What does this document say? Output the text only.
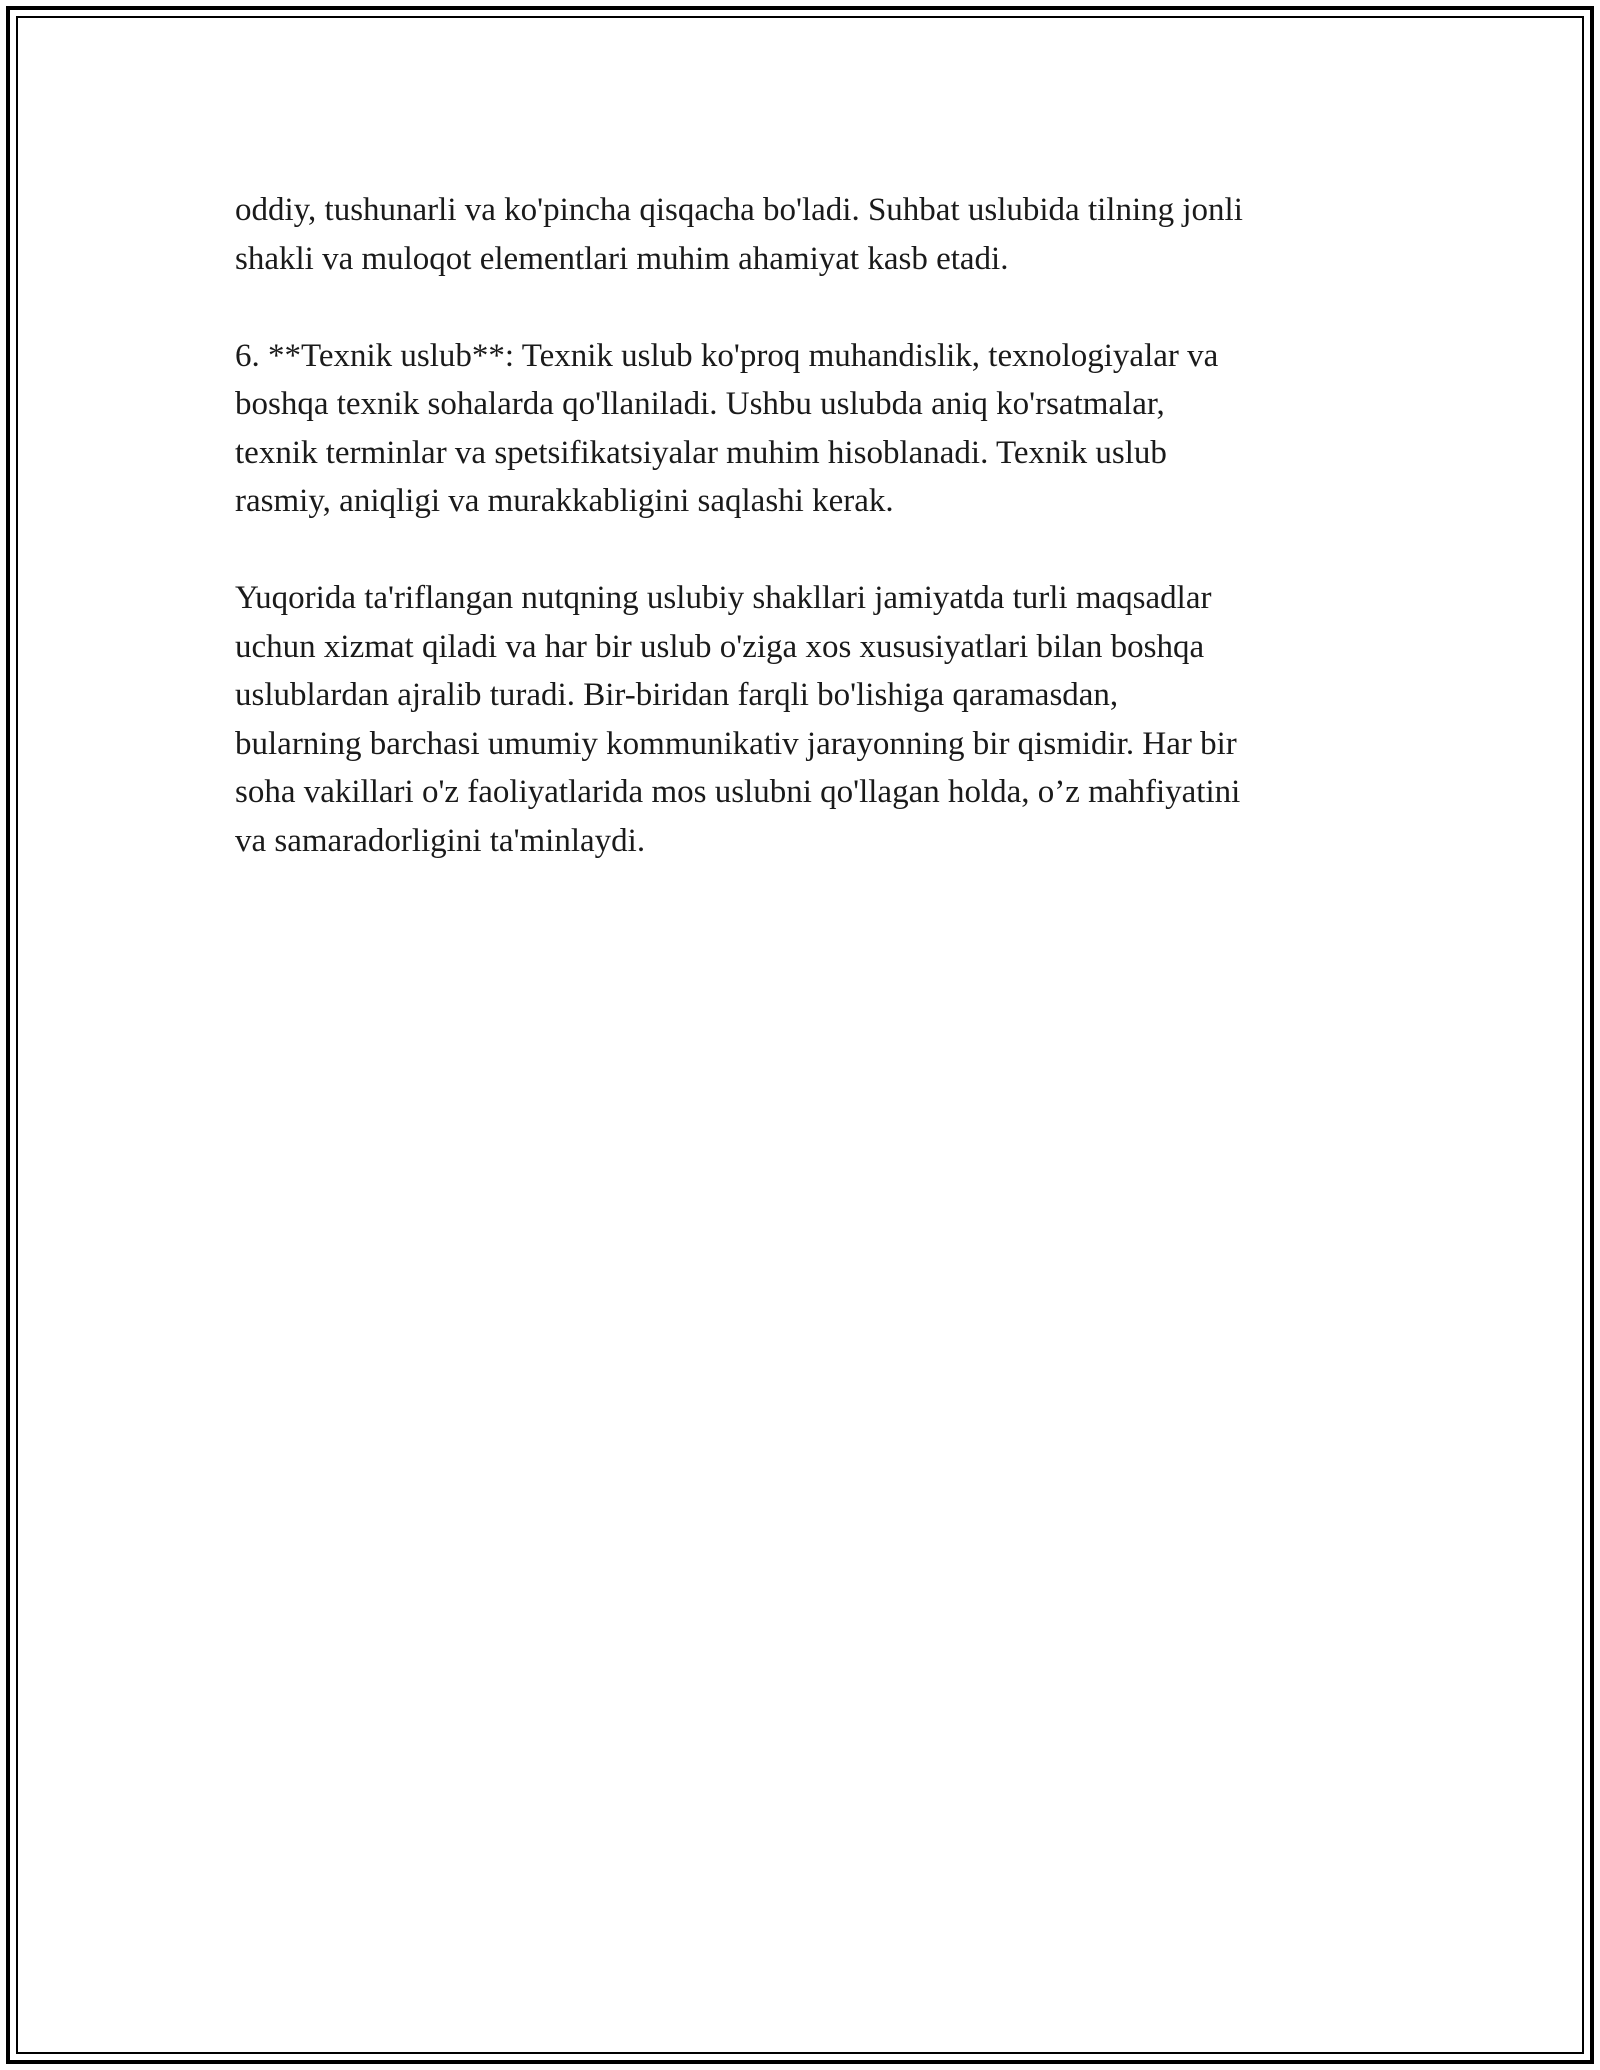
oddiy, tushunarli va ko'pincha qisqacha bo'ladi. Suhbat uslubida tilning jonli
shakli va muloqot elementlari muhim ahamiyat kasb etadi.

6. **Texnik uslub**: Texnik uslub ko'proq muhandislik, texnologiyalar va
boshqa texnik sohalarda qo'llaniladi. Ushbu uslubda aniq ko'rsatmalar,
texnik terminlar va spetsifikatsiyalar muhim hisoblanadi. Texnik uslub
rasmiy, aniqligi va murakkabligini saqlashi kerak.

Yuqorida ta'riflangan nutqning uslubiy shakllari jamiyatda turli maqsadlar
uchun xizmat qiladi va har bir uslub o'ziga xos xususiyatlari bilan boshqa
uslublardan ajralib turadi. Bir-biridan farqli bo'lishiga qaramasdan,
bularning barchasi umumiy kommunikativ jarayonning bir qismidir. Har bir
soha vakillari o'z faoliyatlarida mos uslubni qo'llagan holda, o’z mahfiyatini
va samaradorligini ta'minlaydi.
